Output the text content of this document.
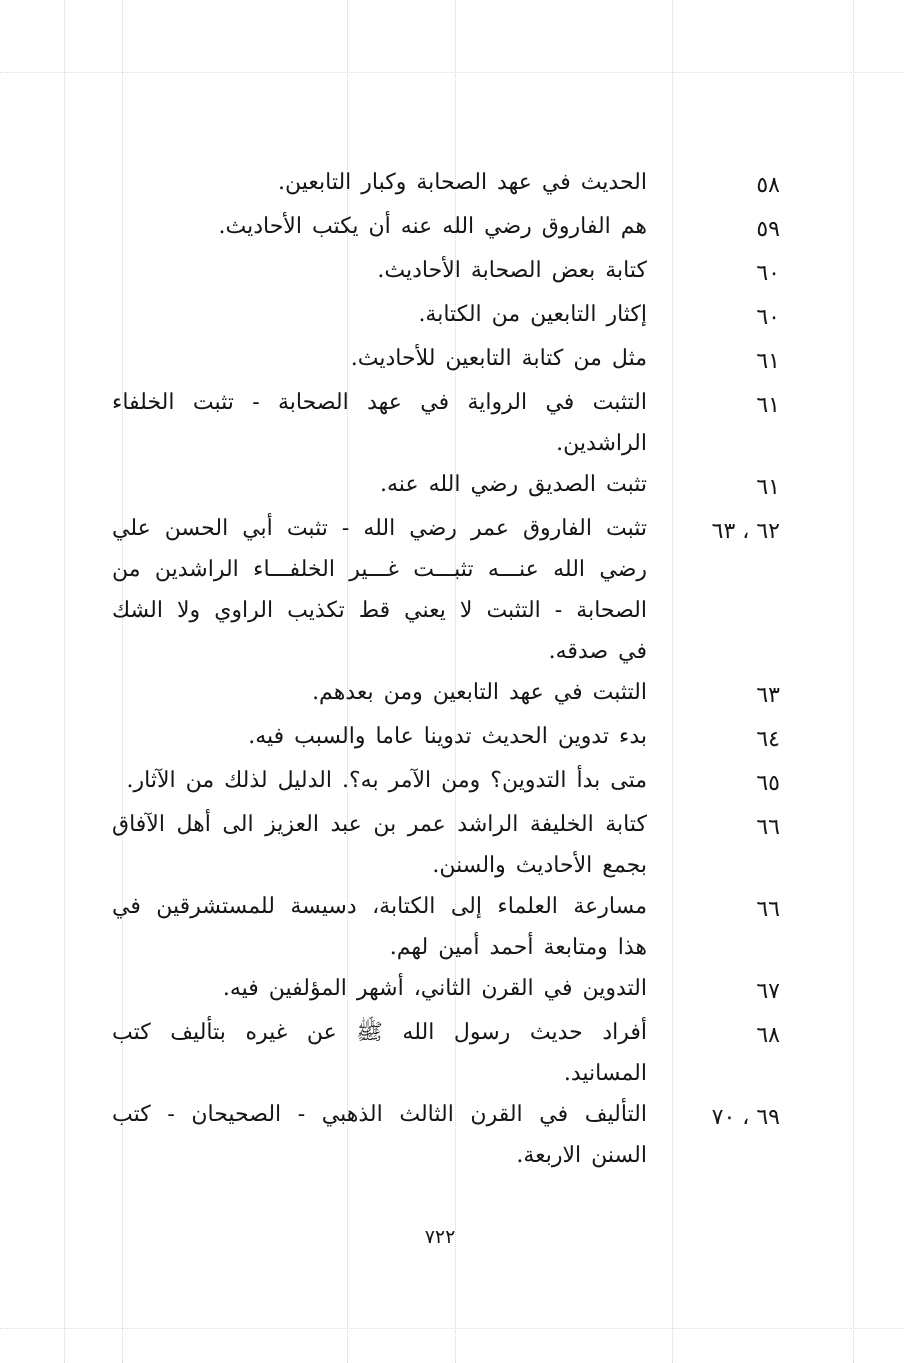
٥٨
الحديث في عهد الصحابة وكبار التابعين.
٥٩
هم الفاروق رضي الله عنه أن يكتب الأحاديث.
٦٠
كتابة بعض الصحابة الأحاديث.
٦٠
إكثار التابعين من الكتابة.
٦١
مثل من كتابة التابعين للأحاديث.
٦١
التثبت في الرواية في عهد الصحابة - تثبت الخلفاء الراشدين.
٦١
تثبت الصديق رضي الله عنه.
٦٢ ، ٦٣
تثبت الفاروق عمر رضي الله - تثبت أبي الحسن علي رضي الله عنـــه تثبـــت غـــير الخلفـــاء الراشدين من الصحابة - التثبت لا يعني قط تكذيب الراوي ولا الشك في صدقه.
٦٣
التثبت في عهد التابعين ومن بعدهم.
٦٤
بدء تدوين الحديث تدوينا عاما والسبب فيه.
٦٥
متى بدأ التدوين؟ ومن الآمر به؟. الدليل لذلك من الآثار.
٦٦
كتابة الخليفة الراشد عمر بن عبد العزيز الى أهل الآفاق بجمع الأحاديث والسنن.
٦٦
مسارعة العلماء إلى الكتابة، دسيسة للمستشرقين في هذا ومتابعة أحمد أمين لهم.
٦٧
التدوين في القرن الثاني، أشهر المؤلفين فيه.
٦٨
أفراد حديث رسول الله ﷺ عن غيره بتأليف كتب المسانيد.
٦٩ ، ٧٠
التأليف في القرن الثالث الذهبي - الصحيحان - كتب السنن الاربعة.
٧٢٢
